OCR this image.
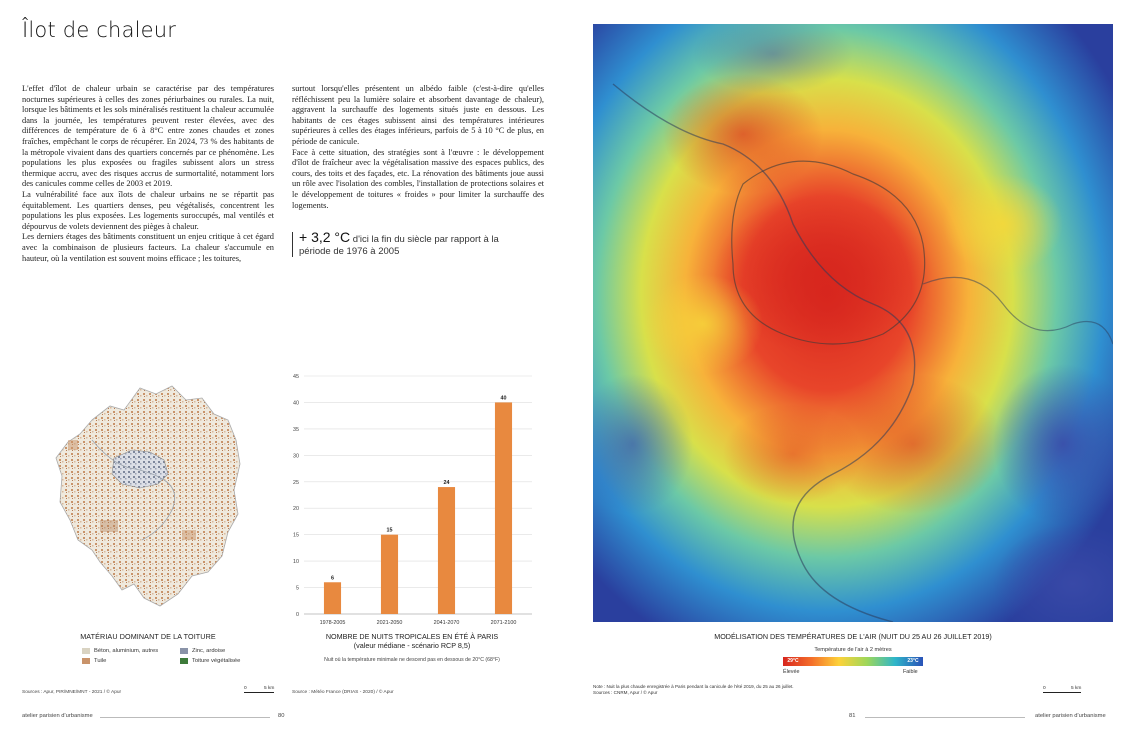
Îlot de chaleur

L'effet d'îlot de chaleur urbain se caractérise par des températures nocturnes supérieures à celles des zones périurbaines ou rurales. La nuit, lorsque les bâtiments et les sols minéralisés restituent la chaleur accumulée dans la journée, les températures peuvent rester élevées, avec des différences de température de 6 à 8°C entre zones chaudes et zones fraîches, empêchant le corps de récupérer. En 2024, 73 % des habitants de la métropole vivaient dans des quartiers concernés par ce phénomène. Les populations les plus exposées ou fragiles subissent alors un stress thermique accru, avec des risques accrus de surmortalité, notamment lors des canicules comme celles de 2003 et 2019.

La vulnérabilité face aux îlots de chaleur urbains ne se répartit pas équitablement. Les quartiers denses, peu végétalisés, concentrent les populations les plus exposées. Les logements suroccupés, mal ventilés et dépourvus de volets deviennent des pièges à chaleur.

Les derniers étages des bâtiments constituent un enjeu critique à cet égard avec la combinaison de plusieurs facteurs. La chaleur s'accumule en hauteur, où la ventilation est souvent moins efficace ; les toitures,

surtout lorsqu'elles présentent un albédo faible (c'est-à-dire qu'elles réfléchissent peu la lumière solaire et absorbent davantage de chaleur), aggravent la surchauffe des logements situés juste en dessous. Les habitants de ces étages subissent ainsi des températures intérieures supérieures à celles des étages inférieurs, parfois de 5 à 10 °C de plus, en période de canicule.

Face à cette situation, des stratégies sont à l'œuvre : le développement d'îlot de fraîcheur avec la végétalisation massive des espaces publics, des cours, des toits et des façades, etc. La rénovation des bâtiments joue aussi un rôle avec l'isolation des combles, l'installation de protections solaires et le développement de toitures « froides » pour limiter la surchauffe des logements.

+ 3,2 °C d'ici la fin du siècle par rapport à la période de 1976 à 2005
MATÉRIAU DOMINANT DE LA TOITURE
Béton, aluminium, autres	Zinc, ardoise
Tuile	Toiture végétalisée
Sources : Apur, PIR/MNE/MNT - 2021 / © Apur
0	5 km
0
5
10
15
20
25
30
35
40
45
6
1978-2005
15
2021-2050
24
2041-2070
40
2071-2100
NOMBRE DE NUITS TROPICALES EN ÉTÉ À PARIS
(valeur médiane - scénario RCP 8,5)
Nuit où la température minimale ne descend pas en dessous de 20°C (68°F)
Source : Météo France (DRIAS - 2020) / © Apur
atelier parisien d'urbanisme	80
MODÉLISATION DES TEMPÉRATURES DE L'AIR (NUIT DU 25 AU 26 JUILLET 2019)
Température de l'air à 2 mètres
29°C	23°C
Élevée	Faible
Note : Nuit la plus chaude enregistrée à Paris pendant la canicule de l'été 2019, du 25 au 26 juillet.
Sources : CNRM, Apur / © Apur
0	5 km
81	atelier parisien d'urbanisme
